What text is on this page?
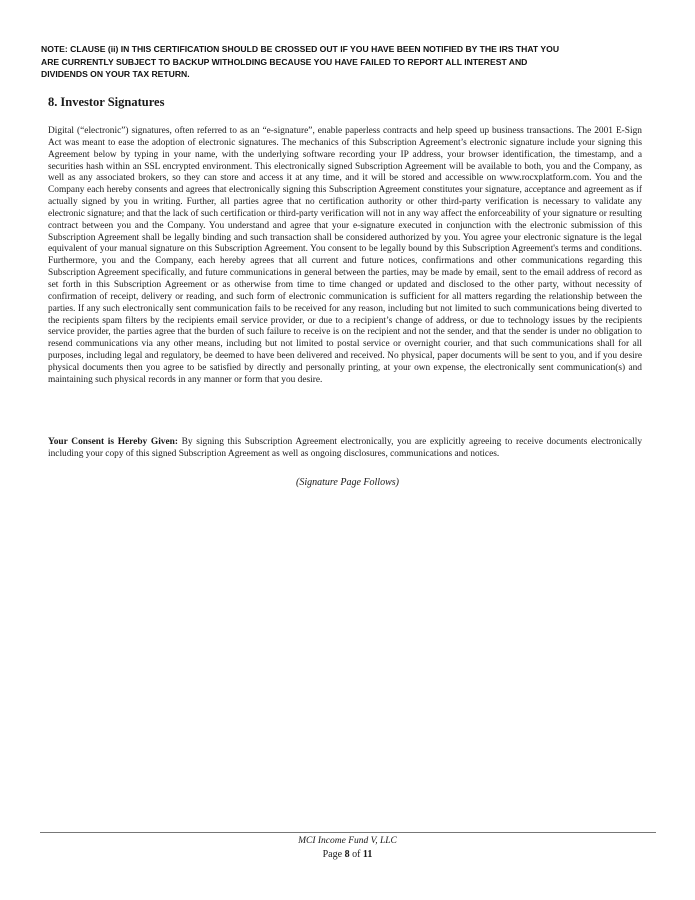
NOTE: CLAUSE (ii) IN THIS CERTIFICATION SHOULD BE CROSSED OUT IF YOU HAVE BEEN NOTIFIED BY THE IRS THAT YOU
ARE CURRENTLY SUBJECT TO BACKUP WITHOLDING BECAUSE YOU HAVE FAILED TO REPORT ALL INTEREST AND
DIVIDENDS ON YOUR TAX RETURN.
8. Investor Signatures

Digital (“electronic”) signatures, often referred to as an “e-signature”, enable paperless contracts and help speed up business transactions. The 2001 E-Sign Act was meant to ease the adoption of electronic signatures. The mechanics of this Subscription Agreement’s electronic signature include your signing this Agreement below by typing in your name, with the underlying software recording your IP address, your browser identification, the timestamp, and a securities hash within an SSL encrypted environment. This electronically signed Subscription Agreement will be available to both, you and the Company, as well as any associated brokers, so they can store and access it at any time, and it will be stored and accessible on www.rocxplatform.com. You and the Company each hereby consents and agrees that electronically signing this Subscription Agreement constitutes your signature, acceptance and agreement as if actually signed by you in writing. Further, all parties agree that no certification authority or other third-party verification is necessary to validate any electronic signature; and that the lack of such certification or third-party verification will not in any way affect the enforceability of your signature or resulting contract between you and the Company. You understand and agree that your e-signature executed in conjunction with the electronic submission of this Subscription Agreement shall be legally binding and such transaction shall be considered authorized by you. You agree your electronic signature is the legal equivalent of your manual signature on this Subscription Agreement. You consent to be legally bound by this Subscription Agreement's terms and conditions. Furthermore, you and the Company, each hereby agrees that all current and future notices, confirmations and other communications regarding this Subscription Agreement specifically, and future communications in general between the parties, may be made by email, sent to the email address of record as set forth in this Subscription Agreement or as otherwise from time to time changed or updated and disclosed to the other party, without necessity of confirmation of receipt, delivery or reading, and such form of electronic communication is sufficient for all matters regarding the relationship between the parties. If any such electronically sent communication fails to be received for any reason, including but not limited to such communications being diverted to the recipients spam filters by the recipients email service provider, or due to a recipient’s change of address, or due to technology issues by the recipients service provider, the parties agree that the burden of such failure to receive is on the recipient and not the sender, and that the sender is under no obligation to resend communications via any other means, including but not limited to postal service or overnight courier, and that such communications shall for all purposes, including legal and regulatory, be deemed to have been delivered and received. No physical, paper documents will be sent to you, and if you desire physical documents then you agree to be satisfied by directly and personally printing, at your own expense, the electronically sent communication(s) and maintaining such physical records in any manner or form that you desire.

Your Consent is Hereby Given: By signing this Subscription Agreement electronically, you are explicitly agreeing to receive documents electronically including your copy of this signed Subscription Agreement as well as ongoing disclosures, communications and notices.

(Signature Page Follows)
MCI Income Fund V, LLC
Page 8 of 11
